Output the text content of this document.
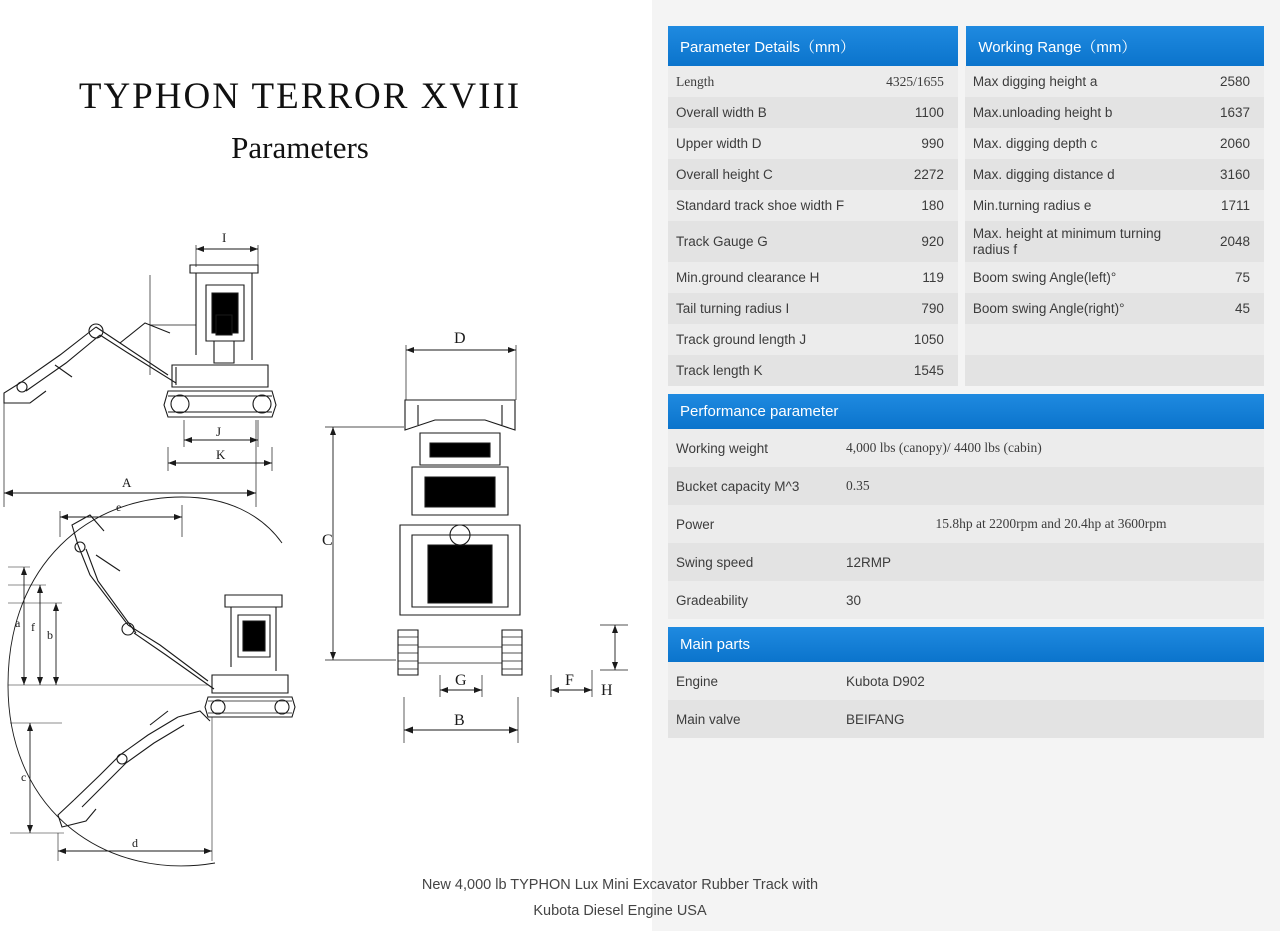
TYPHON TERROR XVIII
Parameters
I
J
K
A
D
C
G
B
F
H
e
a f
b
c
d
Parameter Details（mm）			Working Range（mm）	
Length	4325/1655		Max digging height a	2580
Overall width B	1100		Max.unloading height b	1637
Upper width D	990		Max. digging depth c	2060
Overall height C	2272		Max. digging distance d	3160
Standard track shoe width F	180		Min.turning radius e	1711
Track Gauge G	920		Max. height at minimum turning radius f	2048
Min.ground clearance H	119		Boom swing Angle(left)°	75
Tail turning radius I	790		Boom swing Angle(right)°	45
Track ground length J	1050			
Track length K	1545			
Performance parameter
Working weight	4,000 lbs (canopy)/ 4400 lbs (cabin)
Bucket capacity M^3	0.35
Power	15.8hp at 2200rpm and 20.4hp at 3600rpm
Swing speed	12RMP
Gradeability	30
Main parts
Engine	Kubota D902
Main valve	BEIFANG
New 4,000 lb TYPHON Lux Mini Excavator Rubber Track with
Kubota Diesel Engine USA
